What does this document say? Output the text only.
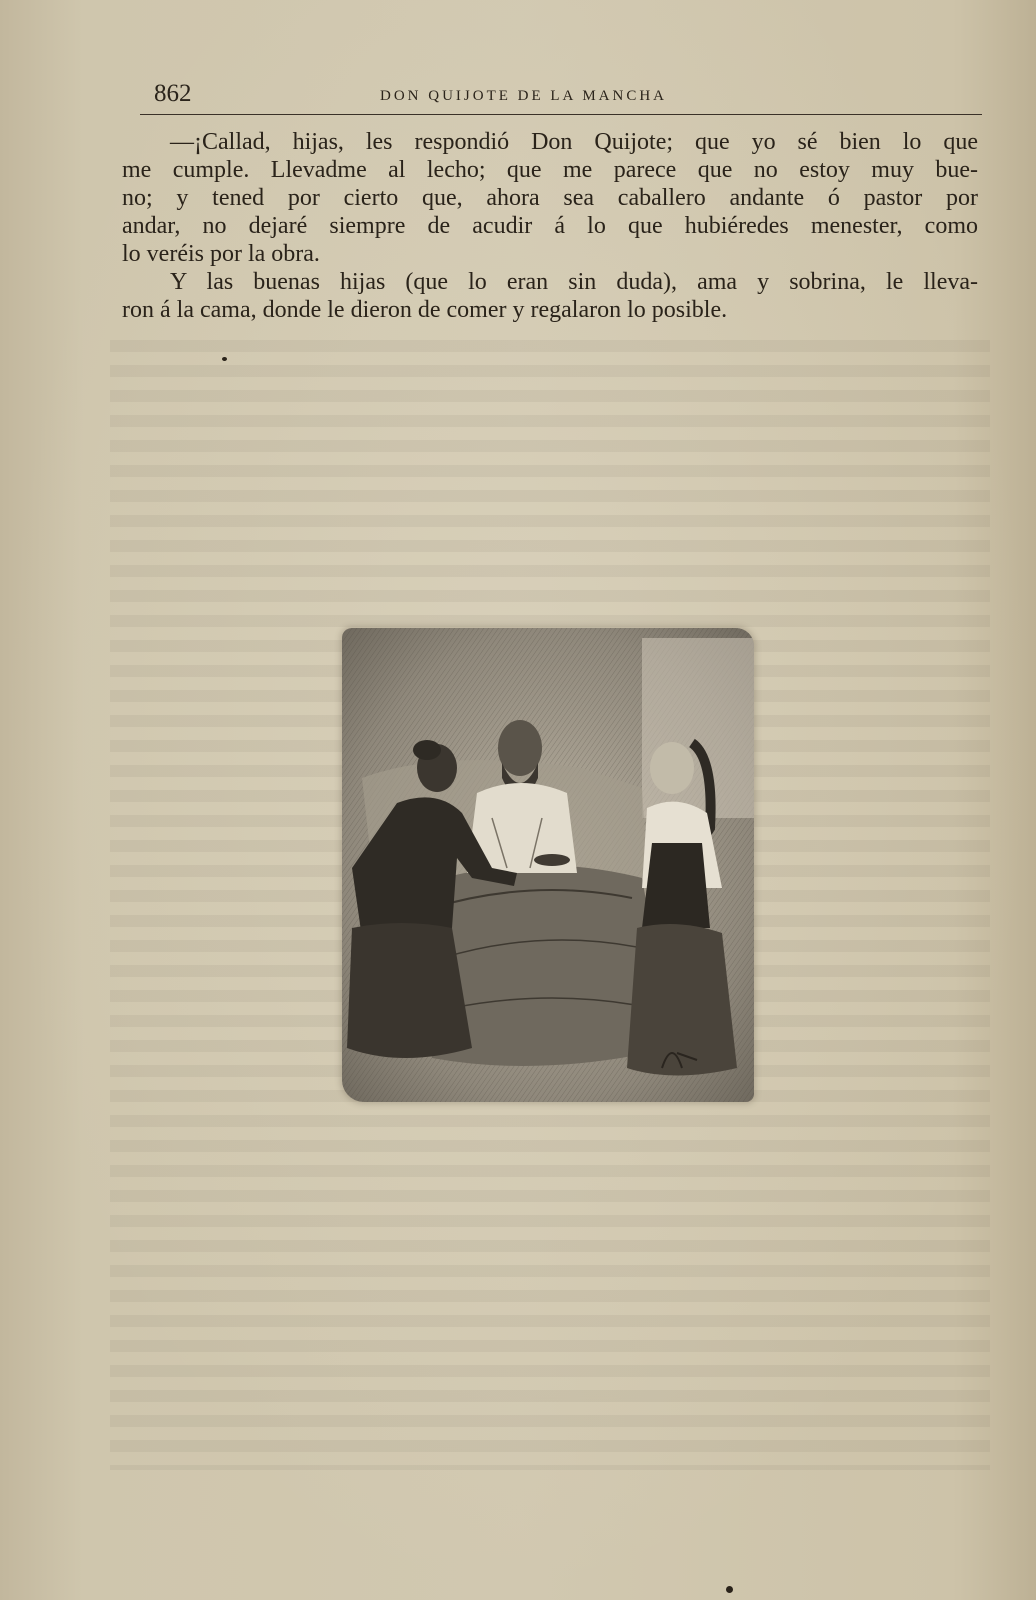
862	DON QUIJOTE DE LA MANCHA
—¡Callad, hijas, les respondió Don Quijote; que yo sé bien lo que
me cumple. Llevadme al lecho; que me parece que no estoy muy bue-
no; y tened por cierto que, ahora sea caballero andante ó pastor por
andar, no dejaré siempre de acudir á lo que hubiéredes menester, como
lo veréis por la obra.
Y las buenas hijas (que lo eran sin duda), ama y sobrina, le lleva-
ron á la cama, donde le dieron de comer y regalaron lo posible.
